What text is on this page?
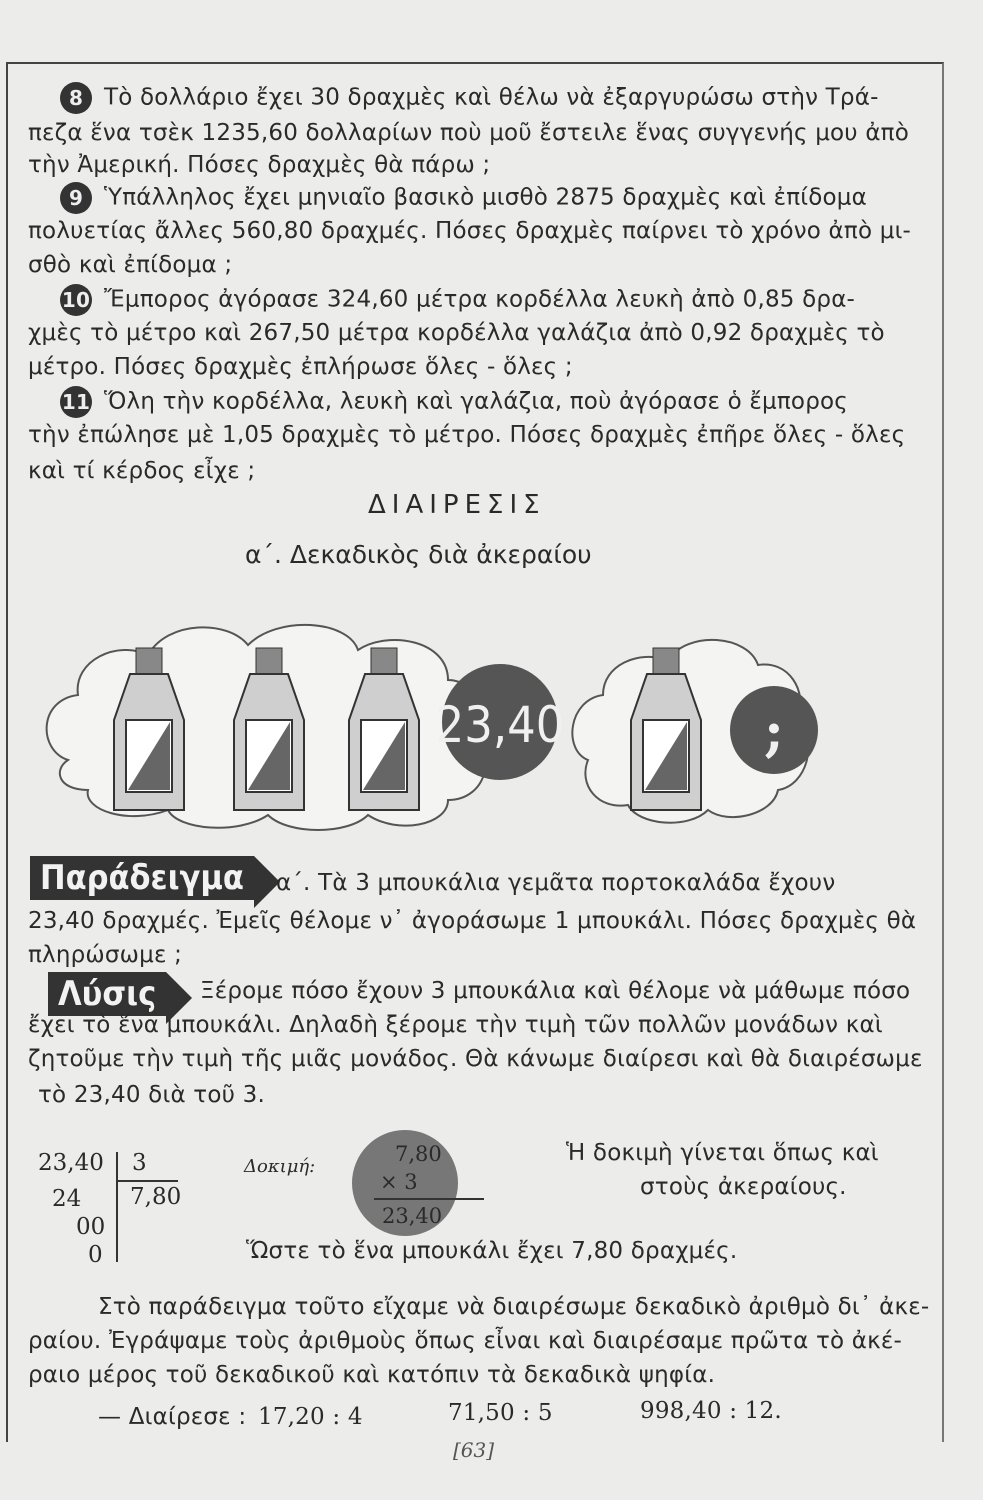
8 Τὸ δολλάριο ἔχει 30 δραχμὲς καὶ θέλω νὰ ἐξαργυρώσω στὴν Τρά-
πεζα ἕνα τσὲκ 1235,60 δολλαρίων ποὺ μοῦ ἔστειλε ἕνας συγγενής μου ἀπὸ
τὴν Ἀμερική. Πόσες δραχμὲς θὰ πάρω ;
9 Ὑπάλληλος ἔχει μηνιαῖο βασικὸ μισθὸ 2875 δραχμὲς καὶ ἐπίδομα
πολυετίας ἄλλες 560,80 δραχμές. Πόσες δραχμὲς παίρνει τὸ χρόνο ἀπὸ μι-
σθὸ καὶ ἐπίδομα ;
10 Ἔμπορος ἀγόρασε 324,60 μέτρα κορδέλλα λευκὴ ἀπὸ 0,85 δρα-
χμὲς τὸ μέτρο καὶ 267,50 μέτρα κορδέλλα γαλάζια ἀπὸ 0,92 δραχμὲς τὸ
μέτρο. Πόσες δραχμὲς ἐπλήρωσε ὅλες - ὅλες ;
11 Ὅλη τὴν κορδέλλα, λευκὴ καὶ γαλάζια, ποὺ ἀγόρασε ὁ ἔμπορος
τὴν ἐπώλησε μὲ 1,05 δραχμὲς τὸ μέτρο. Πόσες δραχμὲς ἐπῆρε ὅλες - ὅλες
καὶ τί κέρδος εἶχε ;
ΔΙΑΙΡΕΣΙΣ
α΄. Δεκαδικὸς διὰ ἀκεραίου
23,40	;
Παράδειγμα	α΄. Τὰ 3 μπουκάλια γεμᾶτα πορτοκαλάδα ἔχουν
23,40 δραχμές. Ἐμεῖς θέλομε ν᾿ ἀγοράσωμε 1 μπουκάλι. Πόσες δραχμὲς θὰ
πληρώσωμε ;
Λύσις	Ξέρομε πόσο ἔχουν 3 μπουκάλια καὶ θέλομε νὰ μάθωμε πόσο
ἔχει τὸ ἕνα μπουκάλι. Δηλαδὴ ξέρομε τὴν τιμὴ τῶν πολλῶν μονάδων καὶ
ζητοῦμε τὴν τιμὴ τῆς μιᾶς μονάδος. Θὰ κάνωμε διαίρεσι καὶ θὰ διαιρέσωμε
τὸ 23,40 διὰ τοῦ 3.
23,40 3
7,80
24
00
0
Δοκιμή:
7,80
× 3
23,40
Ἡ δοκιμὴ γίνεται ὅπως καὶ
στοὺς ἀκεραίους.
Ὥστε τὸ ἕνα μπουκάλι ἔχει 7,80 δραχμές.
Στὸ παράδειγμα τοῦτο εἴχαμε νὰ διαιρέσωμε δεκαδικὸ ἀριθμὸ δι᾿ ἀκε-
ραίου. Ἐγράψαμε τοὺς ἀριθμοὺς ὅπως εἶναι καὶ διαιρέσαμε πρῶτα τὸ ἀκέ-
ραιο μέρος τοῦ δεκαδικοῦ καὶ κατόπιν τὰ δεκαδικὰ ψηφία.
— Διαίρεσε : 17,20 : 4	71,50 : 5	998,40 : 12.
[63]
